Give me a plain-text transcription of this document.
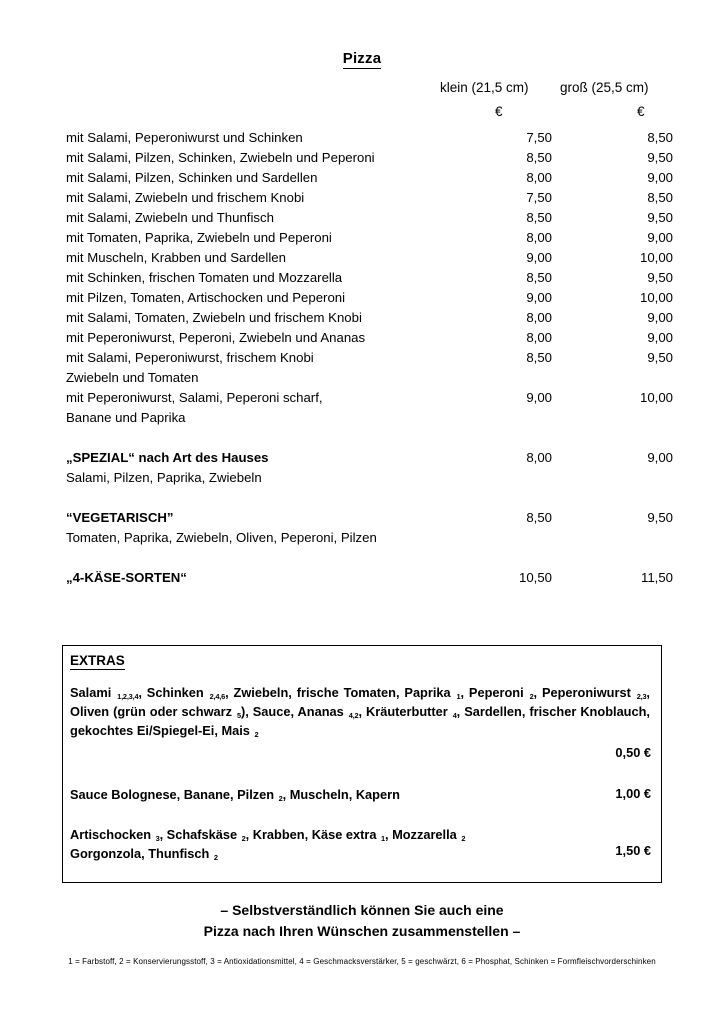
Pizza
klein (21,5 cm) groß (25,5 cm)
€	€
mit Salami, Peperoniwurst und Schinken	7,50	8,50
mit Salami, Pilzen, Schinken, Zwiebeln und Peperoni	8,50	9,50
mit Salami, Pilzen, Schinken und Sardellen	8,00	9,00
mit Salami, Zwiebeln und frischem Knobi	7,50	8,50
mit Salami, Zwiebeln und Thunfisch	8,50	9,50
mit Tomaten, Paprika, Zwiebeln und Peperoni	8,00	9,00
mit Muscheln, Krabben und Sardellen	9,00	10,00
mit Schinken, frischen Tomaten und Mozzarella	8,50	9,50
mit Pilzen, Tomaten, Artischocken und Peperoni	9,00	10,00
mit Salami, Tomaten, Zwiebeln und frischem Knobi	8,00	9,00
mit Peperoniwurst, Peperoni, Zwiebeln und Ananas	8,00	9,00
mit Salami, Peperoniwurst, frischem Knobi	8,50	9,50
Zwiebeln und Tomaten
mit Peperoniwurst, Salami, Peperoni scharf,	9,00	10,00
Banane und Paprika
„SPEZIAL“ nach Art des Hauses	8,00	9,00
Salami, Pilzen, Paprika, Zwiebeln
“VEGETARISCH”	8,50	9,50
Tomaten, Paprika, Zwiebeln, Oliven, Peperoni, Pilzen
„4-KÄSE-SORTEN“	10,50	11,50
EXTRAS
Salami $_{1,2,3,4}$, Schinken $_{2,4,6}$, Zwiebeln, frische Tomaten, Paprika $_1$, Peperoni $_2$, Peperoniwurst $_{2,3}$, Oliven (grün oder schwarz $_5$), Sauce, Ananas $_{4,2}$, Kräuterbutter $_4$, Sardellen, frischer Knoblauch, gekochtes Ei/Spiegel-Ei, Mais $_2$
0,50 €
Sauce Bolognese, Banane, Pilzen $_2$, Muscheln, Kapern	1,00 €
Artischocken $_3$, Schafskäse $_2$, Krabben, Käse extra $_1$, Mozzarella $_2$
Gorgonzola, Thunfisch $_2$	1,50 €
– Selbstverständlich können Sie auch eine
Pizza nach Ihren Wünschen zusammenstellen –
1 = Farbstoff, 2 = Konservierungsstoff, 3 = Antioxidationsmittel, 4 = Geschmacksverstärker, 5 = geschwärzt, 6 = Phosphat, Schinken = Formfleischvorderschinken
